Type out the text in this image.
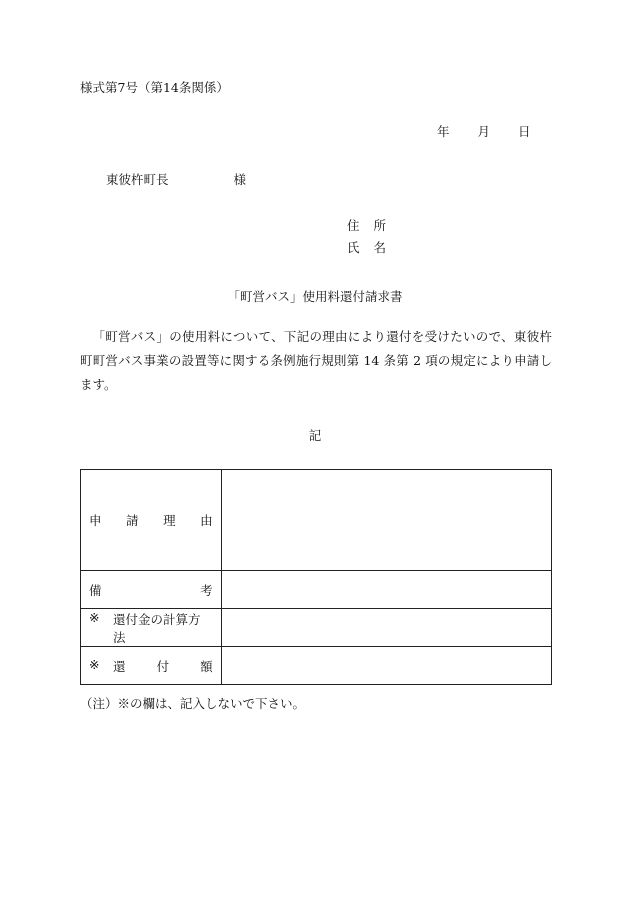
様式第7号（第14条関係）
年 月 日
東彼杵町長	様
住 所
氏 名
「町営バス」使用料還付請求書
「町営バス」の使用料について、下記の理由により還付を受けたいので、東彼杵町町営バス事業の設置等に関する条例施行規則第 14 条第 2 項の規定により申請します。
記
申 請 理 由	

備 考	

※ 還付金の計算方法	

※ 還 付 額	

（注）※の欄は、記入しないで下さい。
